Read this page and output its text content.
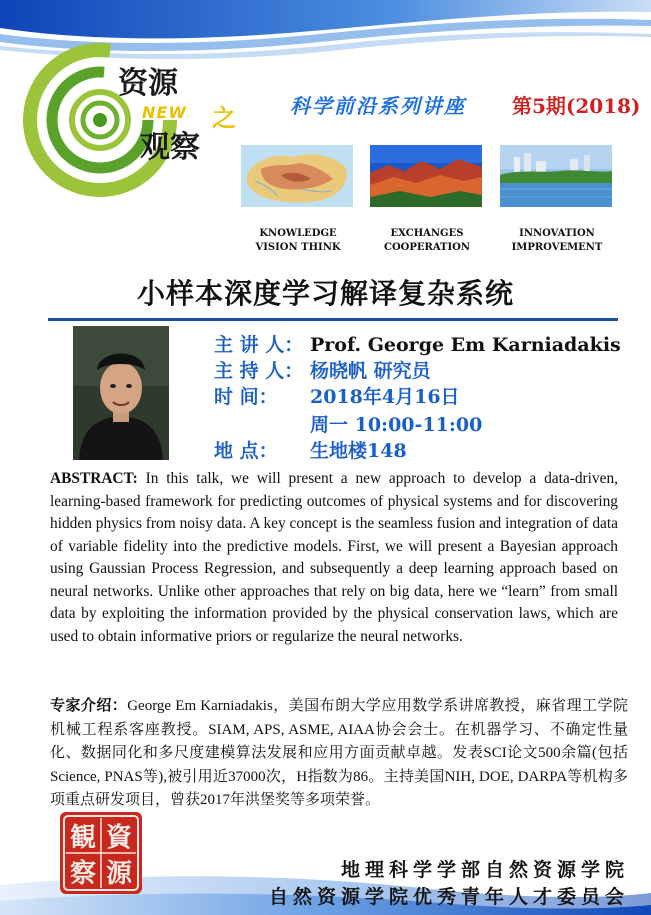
资源
NEW 之
观察
科学前沿系列讲座 第5期(2018)
KNOWLEDGE
VISION THINK
EXCHANGES
COOPERATION
INNOVATION
IMPROVEMENT
小样本深度学习解译复杂系统
主 讲 人： Prof. George Em Karniadakis
主 持 人： 杨晓帆 研究员
时 间： 2018年4月16日
周一 10:00-11:00
地 点： 生地楼148
ABSTRACT: In this talk, we will present a new approach to develop a data-driven, learning-based framework for predicting outcomes of physical systems and for discovering hidden physics from noisy data. A key concept is the seamless fusion and integration of data of variable fidelity into the predictive models. First, we will present a Bayesian approach using Gaussian Process Regression, and subsequently a deep learning approach based on neural networks. Unlike other approaches that rely on big data, here we “learn” from small data by exploiting the information provided by the physical conservation laws, which are used to obtain informative priors or regularize the neural networks.
专家介绍：George Em Karniadakis，美国布朗大学应用数学系讲席教授，麻省理工学院机械工程系客座教授。SIAM, APS, ASME, AIAA协会会士。在机器学习、不确定性量化、数据同化和多尺度建模算法发展和应用方面贡献卓越。发表SCI论文500余篇(包括Science, PNAS等),被引用近37000次，H指数为86。主持美国NIH, DOE, DARPA等机构多项重点研发项目，曾获2017年洪堡奖等多项荣誉。
観 資
察 源	地理科学学部自然资源学院
自然资源学院优秀青年人才委员会
